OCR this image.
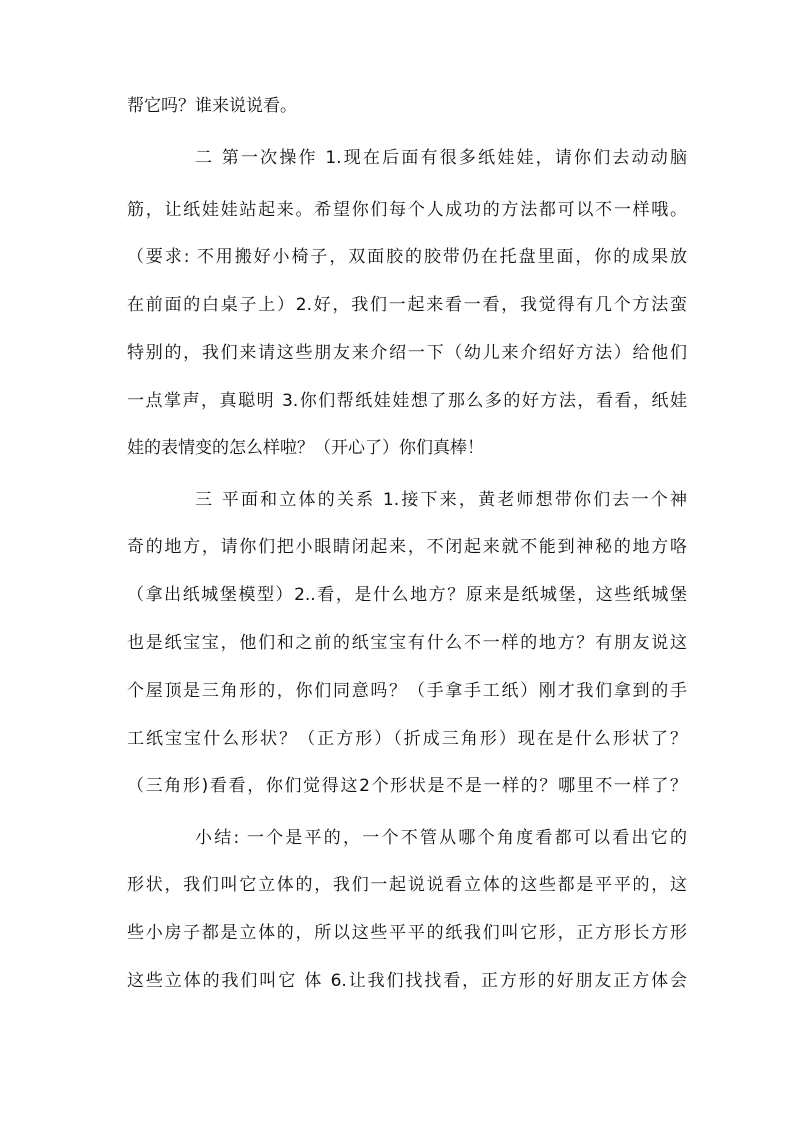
帮它吗？谁来说说看。
二 第一次操作 1.现在后面有很多纸娃娃，请你们去动动脑
筋，让纸娃娃站起来。希望你们每个人成功的方法都可以不一样哦。
（要求: 不用搬好小椅子，双面胶的胶带仍在托盘里面，你的成果放
在前面的白桌子上）2.好，我们一起来看一看，我觉得有几个方法蛮
特别的，我们来请这些朋友来介绍一下（幼儿来介绍好方法）给他们
一点掌声，真聪明 3.你们帮纸娃娃想了那么多的好方法，看看，纸娃
娃的表情变的怎么样啦？（开心了）你们真棒！
三 平面和立体的关系 1.接下来，黄老师想带你们去一个神
奇的地方，请你们把小眼睛闭起来，不闭起来就不能到神秘的地方咯
（拿出纸城堡模型）2..看，是什么地方？原来是纸城堡，这些纸城堡
也是纸宝宝，他们和之前的纸宝宝有什么不一样的地方？有朋友说这
个屋顶是三角形的，你们同意吗？（手拿手工纸）刚才我们拿到的手
工纸宝宝什么形状？（正方形）（折成三角形）现在是什么形状了？
（三角形)看看，你们觉得这2个形状是不是一样的？哪里不一样了？
小结: 一个是平的，一个不管从哪个角度看都可以看出它的
形状，我们叫它立体的，我们一起说说看立体的这些都是平平的，这
些小房子都是立体的，所以这些平平的纸我们叫它形，正方形长方形
这些立体的我们叫它 体 6.让我们找找看，正方形的好朋友正方体会
